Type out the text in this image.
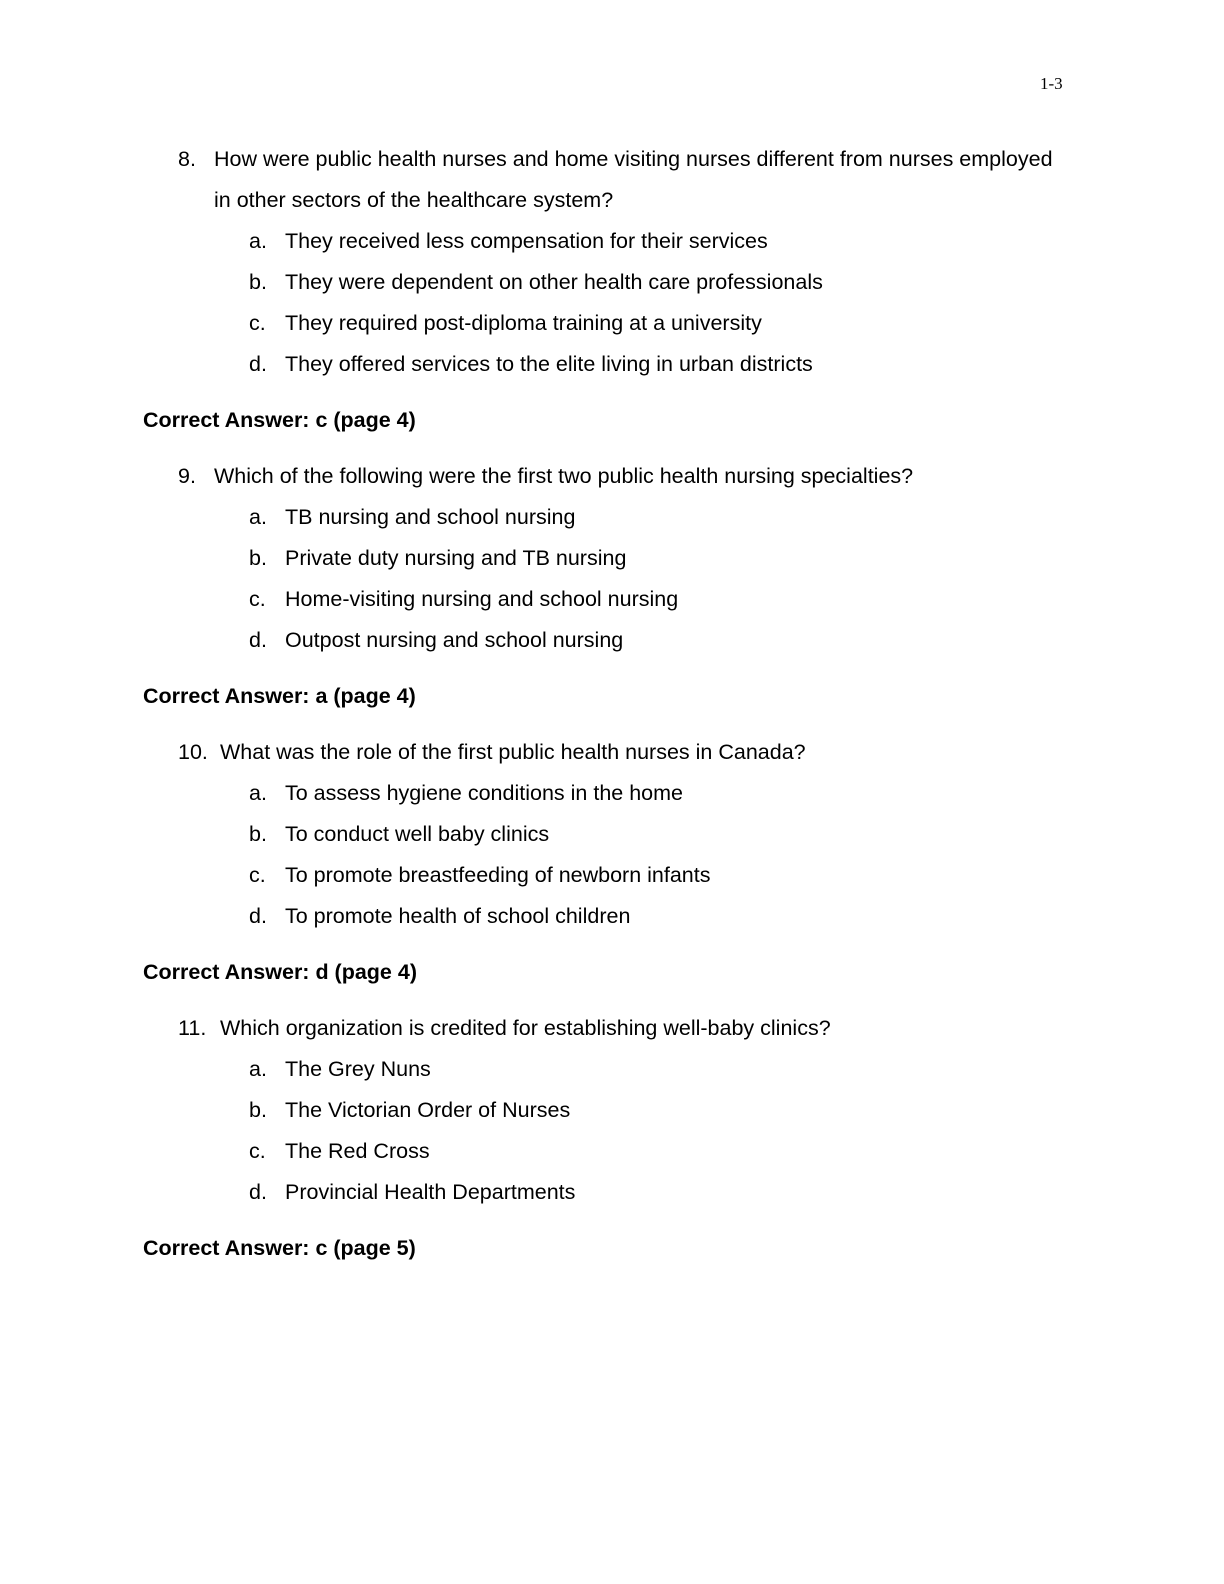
1-3
8. How were public health nurses and home visiting nurses different from nurses employed in other sectors of the healthcare system?
a. They received less compensation for their services
b. They were dependent on other health care professionals
c. They required post-diploma training at a university
d. They offered services to the elite living in urban districts
Correct Answer: c (page 4)
9. Which of the following were the first two public health nursing specialties?
a. TB nursing and school nursing
b. Private duty nursing and TB nursing
c. Home-visiting nursing and school nursing
d. Outpost nursing and school nursing
Correct Answer: a (page 4)
10. What was the role of the first public health nurses in Canada?
a. To assess hygiene conditions in the home
b. To conduct well baby clinics
c. To promote breastfeeding of newborn infants
d. To promote health of school children
Correct Answer: d (page 4)
11. Which organization is credited for establishing well-baby clinics?
a. The Grey Nuns
b. The Victorian Order of Nurses
c. The Red Cross
d. Provincial Health Departments
Correct Answer: c (page 5)
